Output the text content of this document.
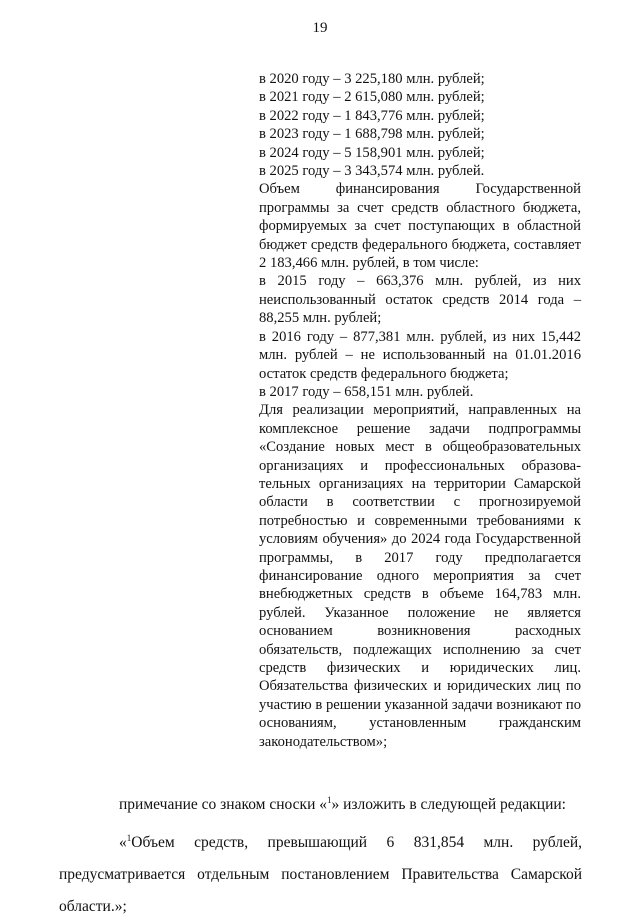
19

в 2020 году – 3 225,180 млн. рублей;

в 2021 году – 2 615,080 млн. рублей;

в 2022 году – 1 843,776 млн. рублей;

в 2023 году – 1 688,798 млн. рублей;

в 2024 году – 5 158,901 млн. рублей;

в 2025 году – 3 343,574 млн. рублей.

Объем финансирования Государственной программы за счет средств областного бюджета, формируемых за счет поступающих в областной бюджет средств федерального бюджета, составляет 2 183,466 млн. рублей, в том числе:

в 2015 году – 663,376 млн. рублей, из них неиспользованный остаток средств 2014 года – 88,255 млн. рублей;

в 2016 году – 877,381 млн. рублей, из них 15,442 млн. рублей – не использованный на 01.01.2016 остаток средств федерального бюджета;

в 2017 году – 658,151 млн. рублей.

Для реализации мероприятий, направленных на комплексное решение задачи подпрограммы «Создание новых мест в общеобразовательных организациях и профессиональных образова-тельных организациях на территории Самарской области в соответствии с прогнозируемой потребностью и современными требованиями к условиям обучения» до 2024 года Государственной программы, в 2017 году предполагается финансирование одного мероприятия за счет внебюджетных средств в объеме 164,783 млн. рублей. Указанное положение не является основанием возникновения расходных обязательств, подлежащих исполнению за счет средств физических и юридических лиц. Обязательства физических и юридических лиц по участию в решении указанной задачи возникают по основаниям, установленным гражданским законодательством»;

примечание со знаком сноски «$^1$» изложить в следующей редакции:

«$^1$Объем средств, превышающий 6 831,854 млн. рублей,

предусматривается отдельным постановлением Правительства Самарской

области.»;
